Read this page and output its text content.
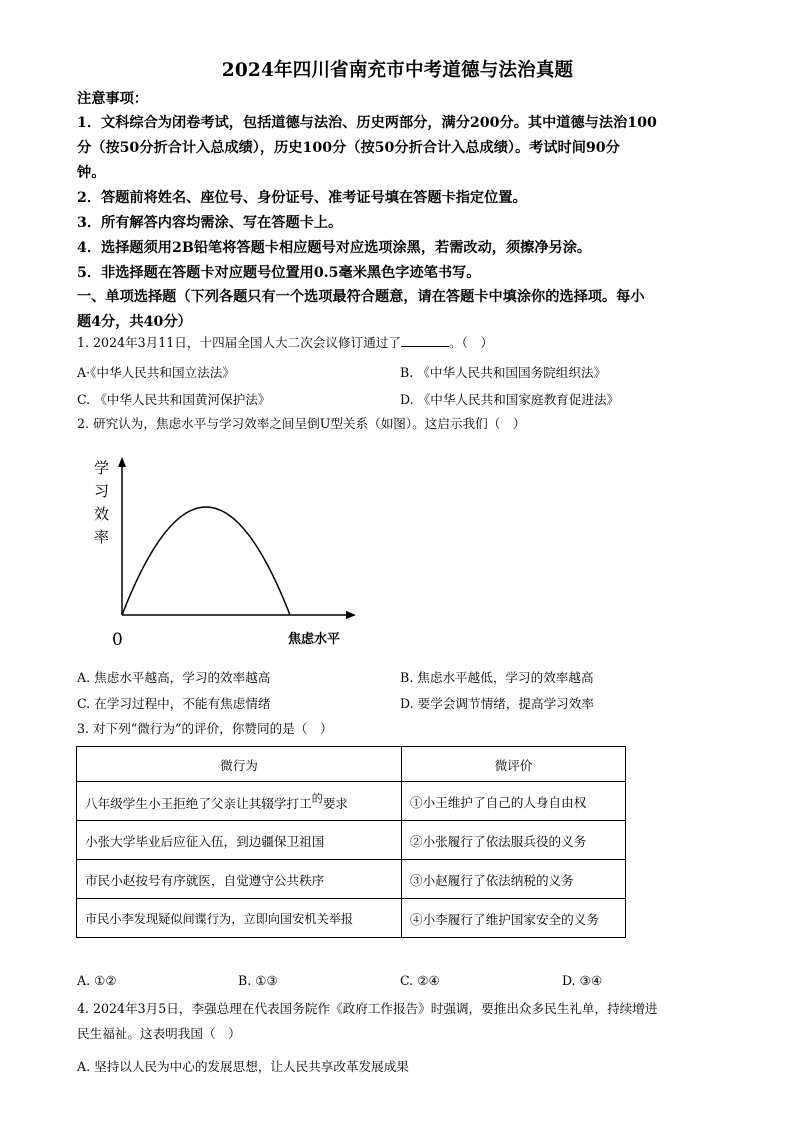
2024年四川省南充市中考道德与法治真题
注意事项：
1．文科综合为闭卷考试，包括道德与法治、历史两部分，满分200分。其中道德与法治100
分（按50分折合计入总成绩），历史100分（按50分折合计入总成绩）。考试时间90分
钟。
2．答题前将姓名、座位号、身份证号、准考证号填在答题卡指定位置。
3．所有解答内容均需涂、写在答题卡上。
4．选择题须用2B铅笔将答题卡相应题号对应选项涂黑，若需改动，须擦净另涂。
5．非选择题在答题卡对应题号位置用0.5毫米黑色字迹笔书写。
一、单项选择题（下列各题只有一个选项最符合题意，请在答题卡中填涂你的选择项。每小
题4分，共40分）
1. 2024年3月11日，十四届全国人大二次会议修订通过了	。（　）
A·《中华人民共和国立法法》	B. 《中华人民共和国国务院组织法》
C. 《中华人民共和国黄河保护法》	D. 《中华人民共和国家庭教育促进法》
2. 研究认为，焦虑水平与学习效率之间呈倒U型关系（如图）。这启示我们（　）
学
习
效
率
0	焦虑水平
A. 焦虑水平越高，学习的效率越高	B. 焦虑水平越低，学习的效率越高
C. 在学习过程中，不能有焦虑情绪	D. 要学会调节情绪，提高学习效率
3. 对下列“微行为”的评价，你赞同的是（　）
微行为	微评价
八年级学生小王拒绝了父亲让其辍学打工$^的$要求	①小王维护了自己的人身自由权
小张大学毕业后应征入伍，到边疆保卫祖国	②小张履行了依法服兵役的义务
市民小赵按号有序就医，自觉遵守公共秩序	③小赵履行了依法纳税的义务
市民小李发现疑似间谍行为，立即向国安机关举报	④小李履行了维护国家安全的义务
A. ①②	B. ①③	C. ②④	D. ③④
4. 2024年3月5日，李强总理在代表国务院作《政府工作报告》时强调，要推出众多民生礼单，持续增进
民生福祉。这表明我国（　）
A. 坚持以人民为中心的发展思想，让人民共享改革发展成果
